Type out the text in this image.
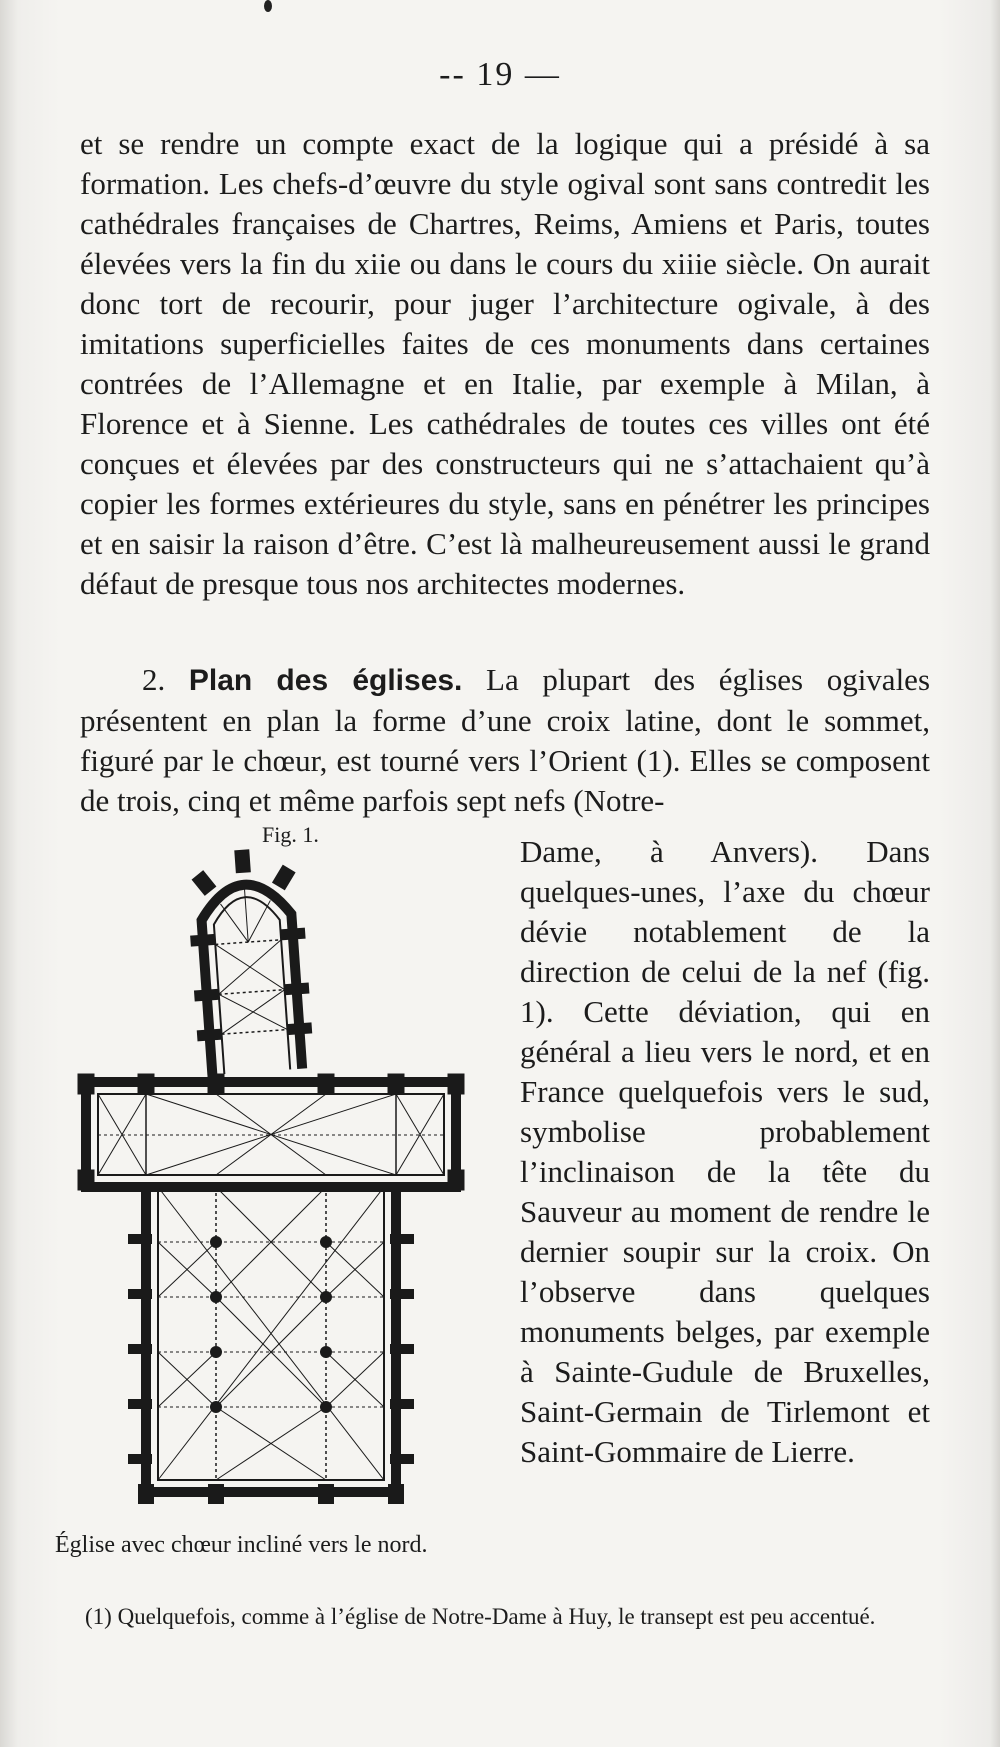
-- 19 —
et se rendre un compte exact de la logique qui a présidé à sa formation. Les chefs-d’œuvre du style ogival sont sans contredit les cathédrales françaises de Chartres, Reims, Amiens et Paris, toutes élevées vers la fin du xiie ou dans le cours du xiiie siècle. On aurait donc tort de recourir, pour juger l’architecture ogivale, à des imitations superficielles faites de ces monuments dans certaines contrées de l’Allemagne et en Italie, par exemple à Milan, à Florence et à Sienne. Les cathédrales de toutes ces villes ont été conçues et élevées par des constructeurs qui ne s’attachaient qu’à copier les formes extérieures du style, sans en pénétrer les principes et en saisir la raison d’être. C’est là malheureusement aussi le grand défaut de presque tous nos architectes modernes.
2. Plan des églises. La plupart des églises ogivales présentent en plan la forme d’une croix latine, dont le sommet, figuré par le chœur, est tourné vers l’Orient (1). Elles se composent de trois, cinq et même parfois sept nefs (Notre-
Fig. 1.	Dame, à Anvers). Dans quelques-unes, l’axe du chœur dévie notablement de la direction de celui de la nef (fig. 1). Cette déviation, qui en général a lieu vers le nord, et en France quelquefois vers le sud, symbolise probablement l’inclinaison de la tête du Sauveur au moment de rendre le dernier soupir sur la croix. On l’observe dans quelques monuments belges, par exemple à Sainte-Gudule de Bruxelles, Saint-Germain de Tirlemont et Saint-Gommaire de Lierre.
Église avec chœur incliné vers le nord.
(1) Quelquefois, comme à l’église de Notre-Dame à Huy, le transept est peu accentué.
